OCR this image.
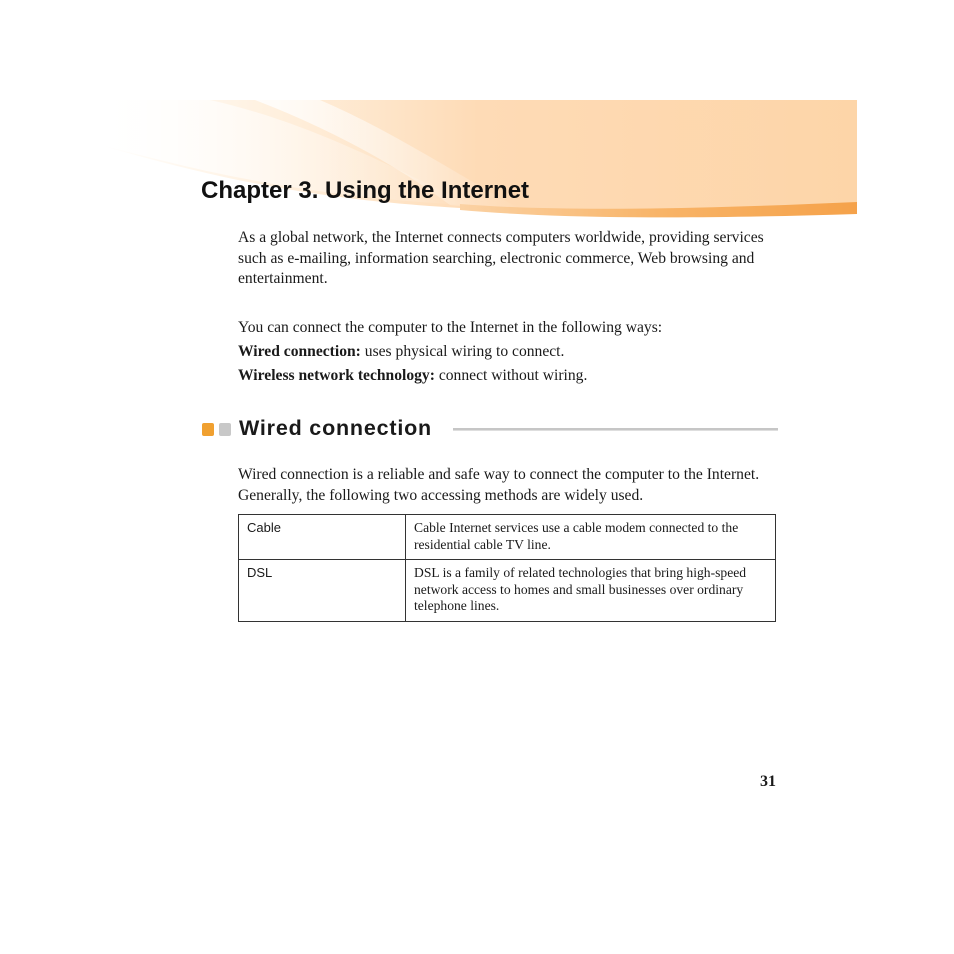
Chapter 3. Using the Internet

As a global network, the Internet connects computers worldwide, providing services such as e-mailing, information searching, electronic commerce, Web browsing and entertainment.

You can connect the computer to the Internet in the following ways:

Wired connection: uses physical wiring to connect.

Wireless network technology: connect without wiring.

Wired connection

Wired connection is a reliable and safe way to connect the computer to the Internet. Generally, the following two accessing methods are widely used.

Cable	Cable Internet services use a cable modem connected to the residential cable TV line.
DSL	DSL is a family of related technologies that bring high-speed network access to homes and small businesses over ordinary telephone lines.
31
